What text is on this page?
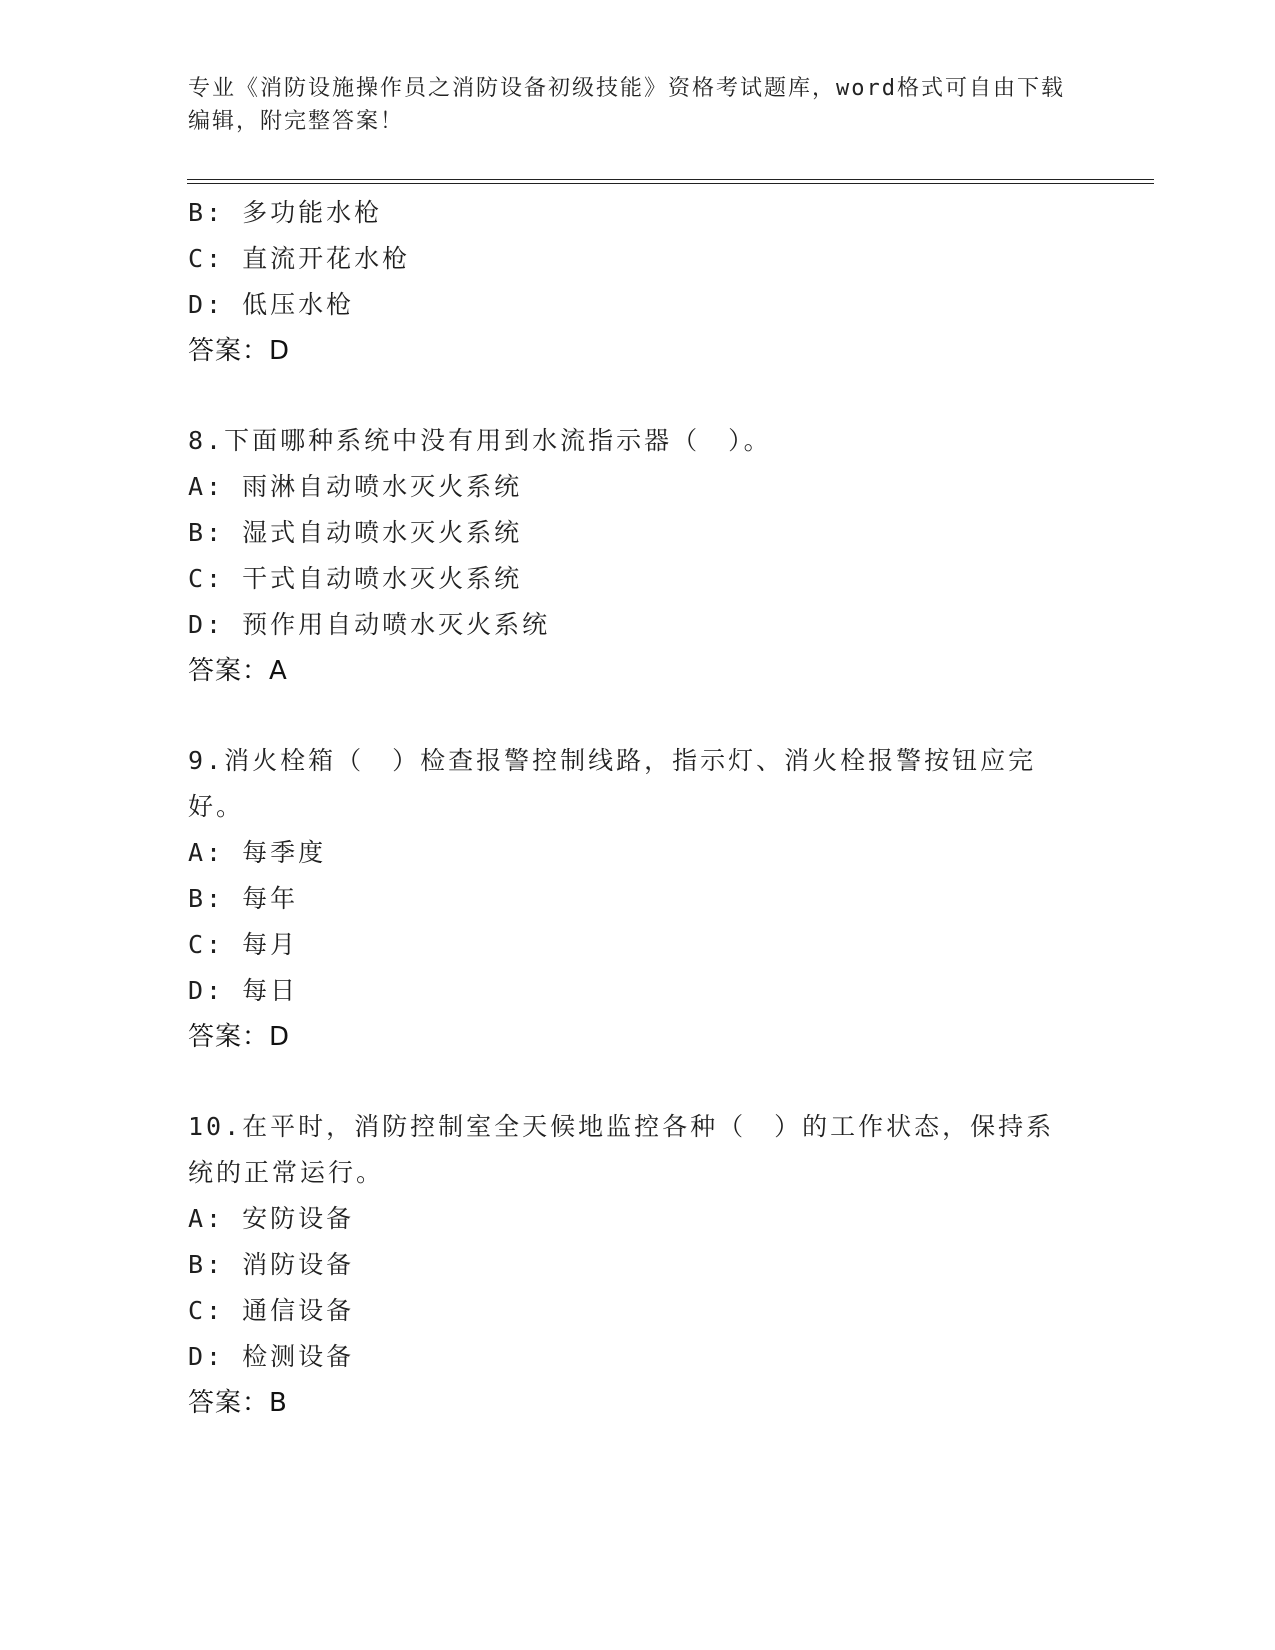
专业《消防设施操作员之消防设备初级技能》资格考试题库，word格式可自由下载编辑，附完整答案！
B: 多功能水枪
C: 直流开花水枪
D: 低压水枪
答案：D
8.下面哪种系统中没有用到水流指示器（　）。
A: 雨淋自动喷水灭火系统
B: 湿式自动喷水灭火系统
C: 干式自动喷水灭火系统
D: 预作用自动喷水灭火系统
答案：A
9.消火栓箱（　）检查报警控制线路，指示灯、消火栓报警按钮应完好。
A: 每季度
B: 每年
C: 每月
D: 每日
答案：D
10.在平时，消防控制室全天候地监控各种（　）的工作状态，保持系统的正常运行。
A: 安防设备
B: 消防设备
C: 通信设备
D: 检测设备
答案：B
